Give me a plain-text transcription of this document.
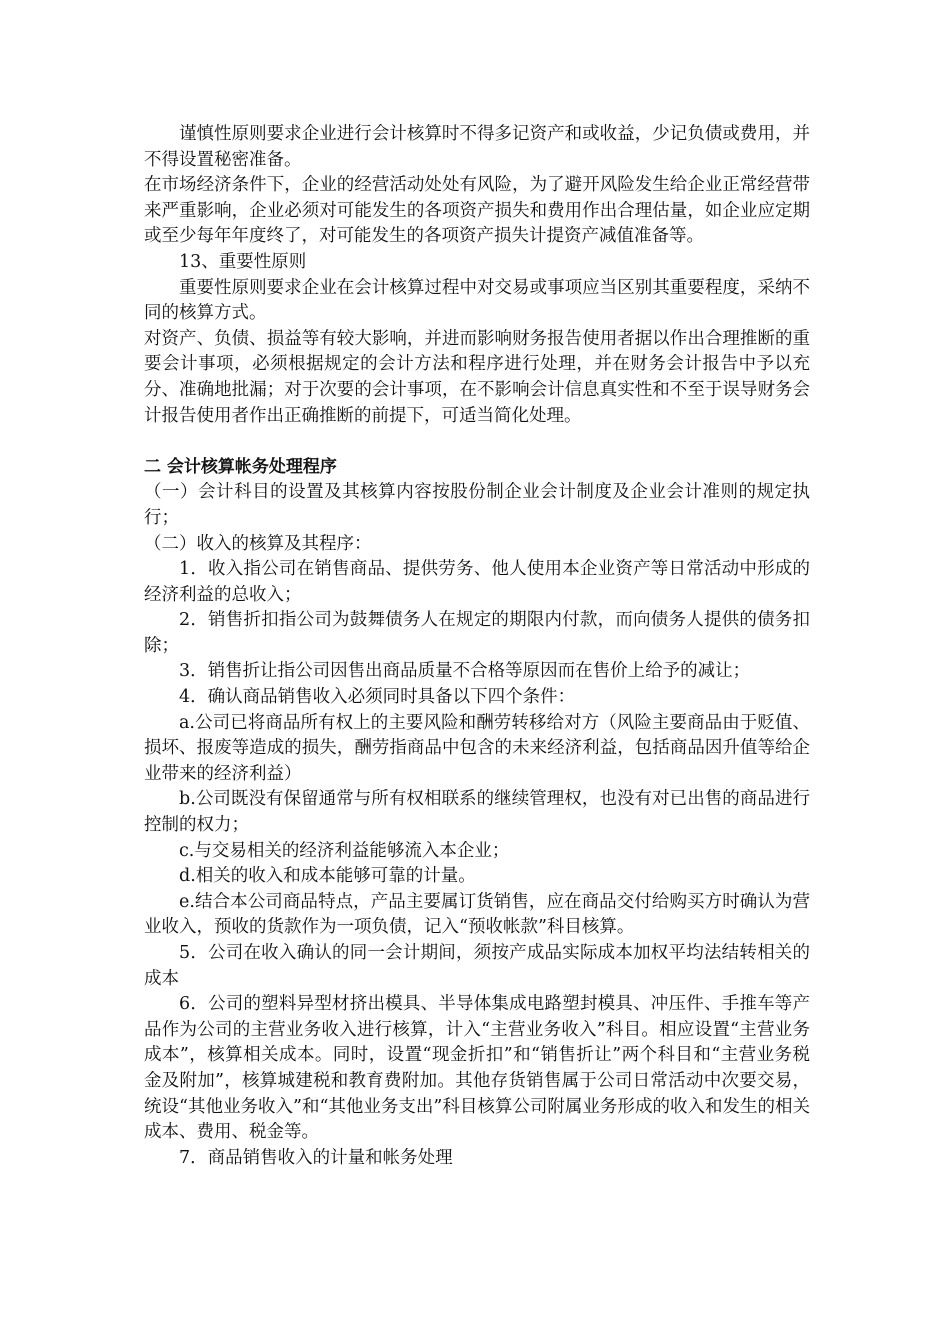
谨慎性原则要求企业进行会计核算时不得多记资产和或收益，少记负债或费用，并不得设置秘密准备。

在市场经济条件下，企业的经营活动处处有风险，为了避开风险发生给企业正常经营带来严重影响，企业必须对可能发生的各项资产损失和费用作出合理估量，如企业应定期或至少每年年度终了，对可能发生的各项资产损失计提资产减值准备等。

13、重要性原则

重要性原则要求企业在会计核算过程中对交易或事项应当区别其重要程度，采纳不同的核算方式。

对资产、负债、损益等有较大影响，并进而影响财务报告使用者据以作出合理推断的重要会计事项，必须根据规定的会计方法和程序进行处理，并在财务会计报告中予以充分、准确地批漏；对于次要的会计事项，在不影响会计信息真实性和不至于误导财务会计报告使用者作出正确推断的前提下，可适当简化处理。

二 会计核算帐务处理程序

（一）会计科目的设置及其核算内容按股份制企业会计制度及企业会计准则的规定执行；

（二）收入的核算及其程序：

1．收入指公司在销售商品、提供劳务、他人使用本企业资产等日常活动中形成的经济利益的总收入；

2．销售折扣指公司为鼓舞债务人在规定的期限内付款，而向债务人提供的债务扣除；

3．销售折让指公司因售出商品质量不合格等原因而在售价上给予的减让；

4．确认商品销售收入必须同时具备以下四个条件：

a.公司已将商品所有权上的主要风险和酬劳转移给对方（风险主要商品由于贬值、损坏、报废等造成的损失，酬劳指商品中包含的未来经济利益，包括商品因升值等给企业带来的经济利益）

b.公司既没有保留通常与所有权相联系的继续管理权，也没有对已出售的商品进行控制的权力；

c.与交易相关的经济利益能够流入本企业；

d.相关的收入和成本能够可靠的计量。

e.结合本公司商品特点，产品主要属订货销售，应在商品交付给购买方时确认为营业收入，预收的货款作为一项负债，记入“预收帐款”科目核算。

5．公司在收入确认的同一会计期间，须按产成品实际成本加权平均法结转相关的成本

6．公司的塑料异型材挤出模具、半导体集成电路塑封模具、冲压件、手推车等产品作为公司的主营业务收入进行核算，计入“主营业务收入”科目。相应设置“主营业务成本”，核算相关成本。同时，设置“现金折扣”和“销售折让”两个科目和“主营业务税金及附加”，核算城建税和教育费附加。其他存货销售属于公司日常活动中次要交易，统设“其他业务收入”和“其他业务支出”科目核算公司附属业务形成的收入和发生的相关成本、费用、税金等。

7．商品销售收入的计量和帐务处理
